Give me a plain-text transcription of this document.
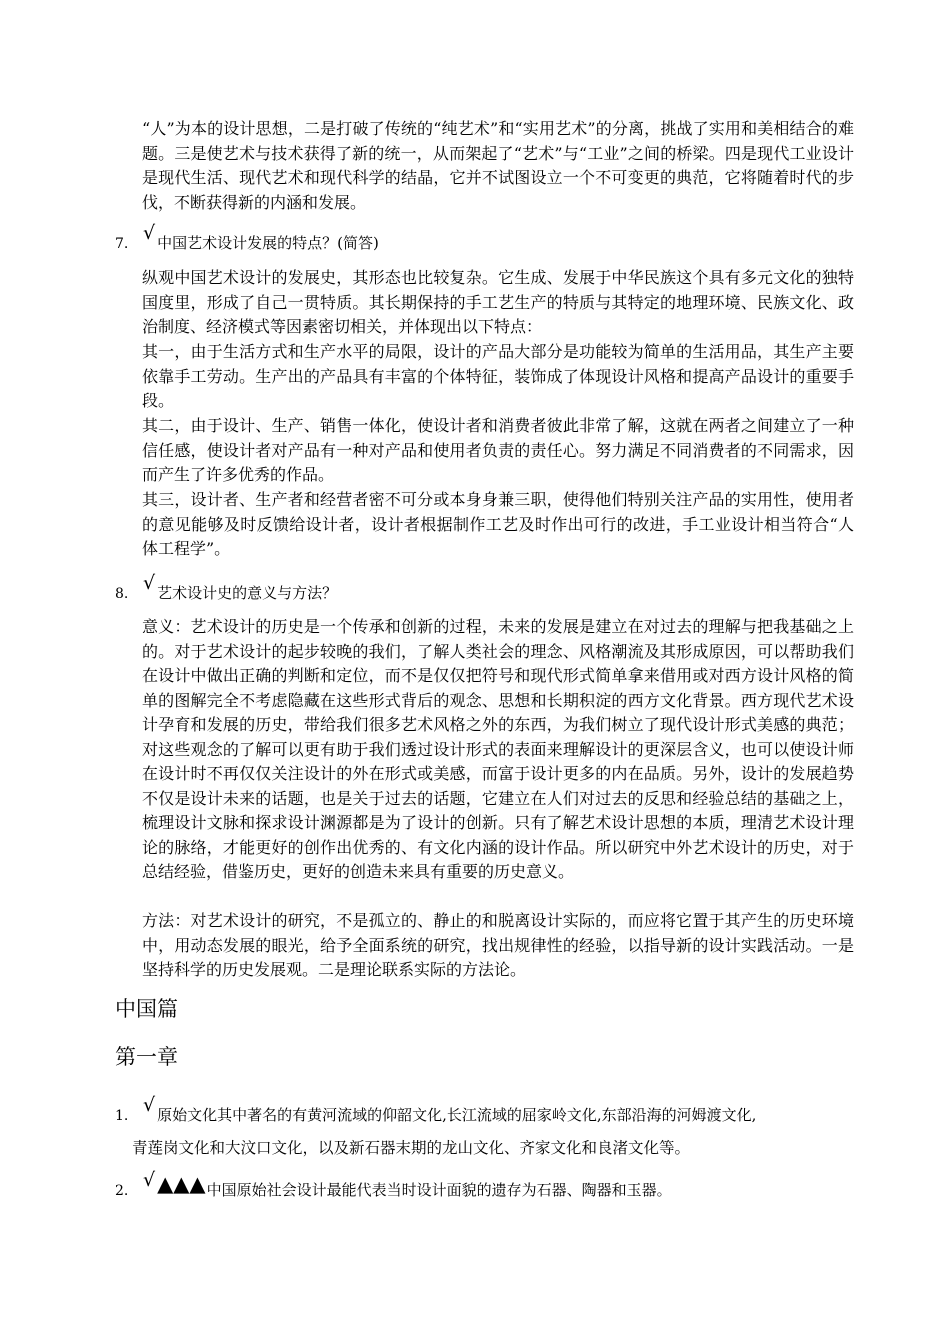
“人”为本的设计思想，二是打破了传统的“纯艺术”和“实用艺术”的分离，挑战了实用和美相结合的难题。三是使艺术与技术获得了新的统一，从而架起了“艺术”与“工业”之间的桥梁。四是现代工业设计是现代生活、现代艺术和现代科学的结晶，它并不试图设立一个不可变更的典范，它将随着时代的步伐，不断获得新的内涵和发展。

7. √ 中国艺术设计发展的特点？(简答)

纵观中国艺术设计的发展史，其形态也比较复杂。它生成、发展于中华民族这个具有多元文化的独特国度里，形成了自己一贯特质。其长期保持的手工艺生产的特质与其特定的地理环境、民族文化、政治制度、经济模式等因素密切相关，并体现出以下特点：

其一，由于生活方式和生产水平的局限，设计的产品大部分是功能较为简单的生活用品，其生产主要依靠手工劳动。生产出的产品具有丰富的个体特征，装饰成了体现设计风格和提高产品设计的重要手段。

其二，由于设计、生产、销售一体化，使设计者和消费者彼此非常了解，这就在两者之间建立了一种信任感，使设计者对产品有一种对产品和使用者负责的责任心。努力满足不同消费者的不同需求，因而产生了许多优秀的作品。

其三，设计者、生产者和经营者密不可分或本身身兼三职，使得他们特别关注产品的实用性，使用者的意见能够及时反馈给设计者，设计者根据制作工艺及时作出可行的改进，手工业设计相当符合“人体工程学”。

8. √ 艺术设计史的意义与方法？

意义：艺术设计的历史是一个传承和创新的过程，未来的发展是建立在对过去的理解与把我基础之上的。对于艺术设计的起步较晚的我们，了解人类社会的理念、风格潮流及其形成原因，可以帮助我们在设计中做出正确的判断和定位，而不是仅仅把符号和现代形式简单拿来借用或对西方设计风格的简单的图解完全不考虑隐藏在这些形式背后的观念、思想和长期积淀的西方文化背景。西方现代艺术设计孕育和发展的历史，带给我们很多艺术风格之外的东西，为我们树立了现代设计形式美感的典范；对这些观念的了解可以更有助于我们透过设计形式的表面来理解设计的更深层含义，也可以使设计师在设计时不再仅仅关注设计的外在形式或美感，而富于设计更多的内在品质。另外，设计的发展趋势不仅是设计未来的话题，也是关于过去的话题，它建立在人们对过去的反思和经验总结的基础之上，梳理设计文脉和探求设计渊源都是为了设计的创新。只有了解艺术设计思想的本质，理清艺术设计理论的脉络，才能更好的创作出优秀的、有文化内涵的设计作品。所以研究中外艺术设计的历史，对于总结经验，借鉴历史，更好的创造未来具有重要的历史意义。

方法：对艺术设计的研究，不是孤立的、静止的和脱离设计实际的，而应将它置于其产生的历史环境中，用动态发展的眼光，给予全面系统的研究，找出规律性的经验，以指导新的设计实践活动。一是坚持科学的历史发展观。二是理论联系实际的方法论。

中国篇
第一章
1. √ 原始文化其中著名的有黄河流域的仰韶文化,长江流域的屈家岭文化,东部沿海的河姆渡文化,
青莲岗文化和大汶口文化，以及新石器末期的龙山文化、齐家文化和良渚文化等。
2. √▲▲▲中国原始社会设计最能代表当时设计面貌的遗存为石器、陶器和玉器。
